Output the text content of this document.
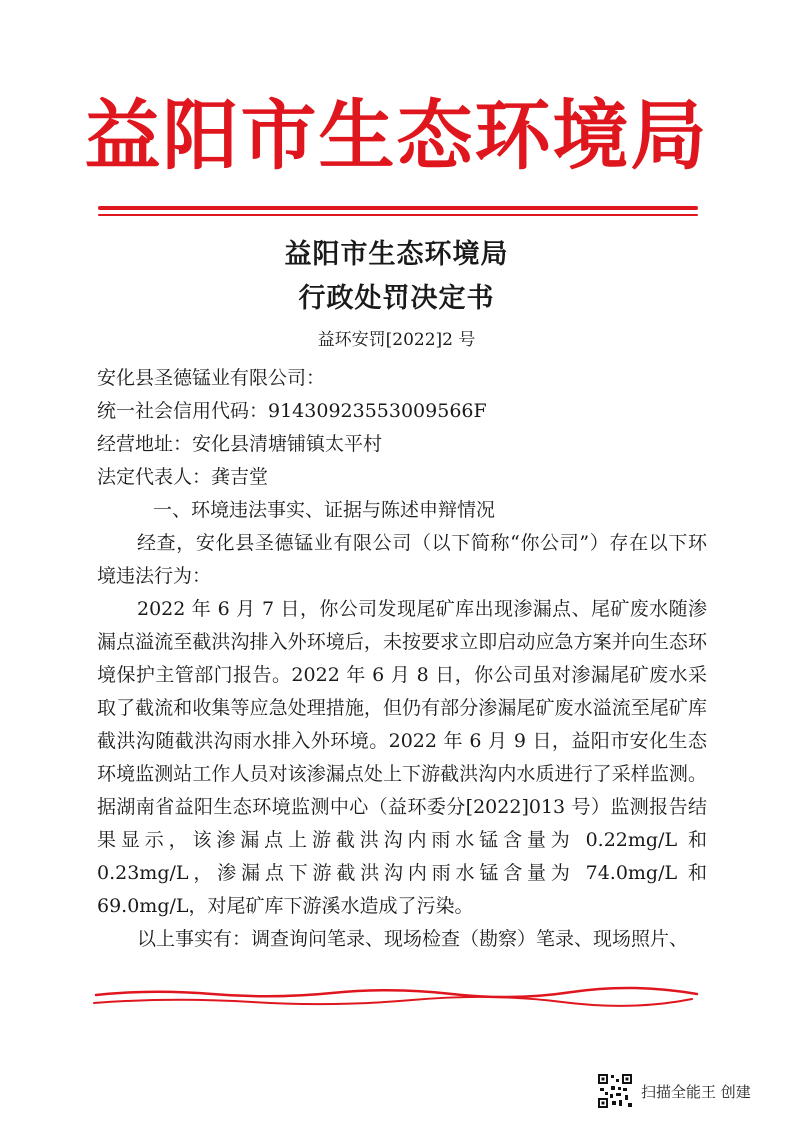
益阳市生态环境局
益阳市生态环境局
行政处罚决定书
益环安罚[2022]2 号

安化县圣德锰业有限公司：

统一社会信用代码：91430923553009566F

经营地址：安化县清塘铺镇太平村

法定代表人：龚吉堂

一、环境违法事实、证据与陈述申辩情况

经查，安化县圣德锰业有限公司（以下简称“你公司”）存在以下环境违法行为：

2022 年 6 月 7 日，你公司发现尾矿库出现渗漏点、尾矿废水随渗漏点溢流至截洪沟排入外环境后，未按要求立即启动应急方案并向生态环境保护主管部门报告。2022 年 6 月 8 日，你公司虽对渗漏尾矿废水采取了截流和收集等应急处理措施，但仍有部分渗漏尾矿废水溢流至尾矿库截洪沟随截洪沟雨水排入外环境。2022 年 6 月 9 日，益阳市安化生态环境监测站工作人员对该渗漏点处上下游截洪沟内水质进行了采样监测。据湖南省益阳生态环境监测中心（益环委分[2022]013 号）监测报告结果显示，该渗漏点上游截洪沟内雨水锰含量为 0.22mg/L 和 0.23mg/L，渗漏点下游截洪沟内雨水锰含量为 74.0mg/L 和 69.0mg/L，对尾矿库下游溪水造成了污染。

以上事实有：调查询问笔录、现场检查（勘察）笔录、现场照片、

扫描全能王 创建
